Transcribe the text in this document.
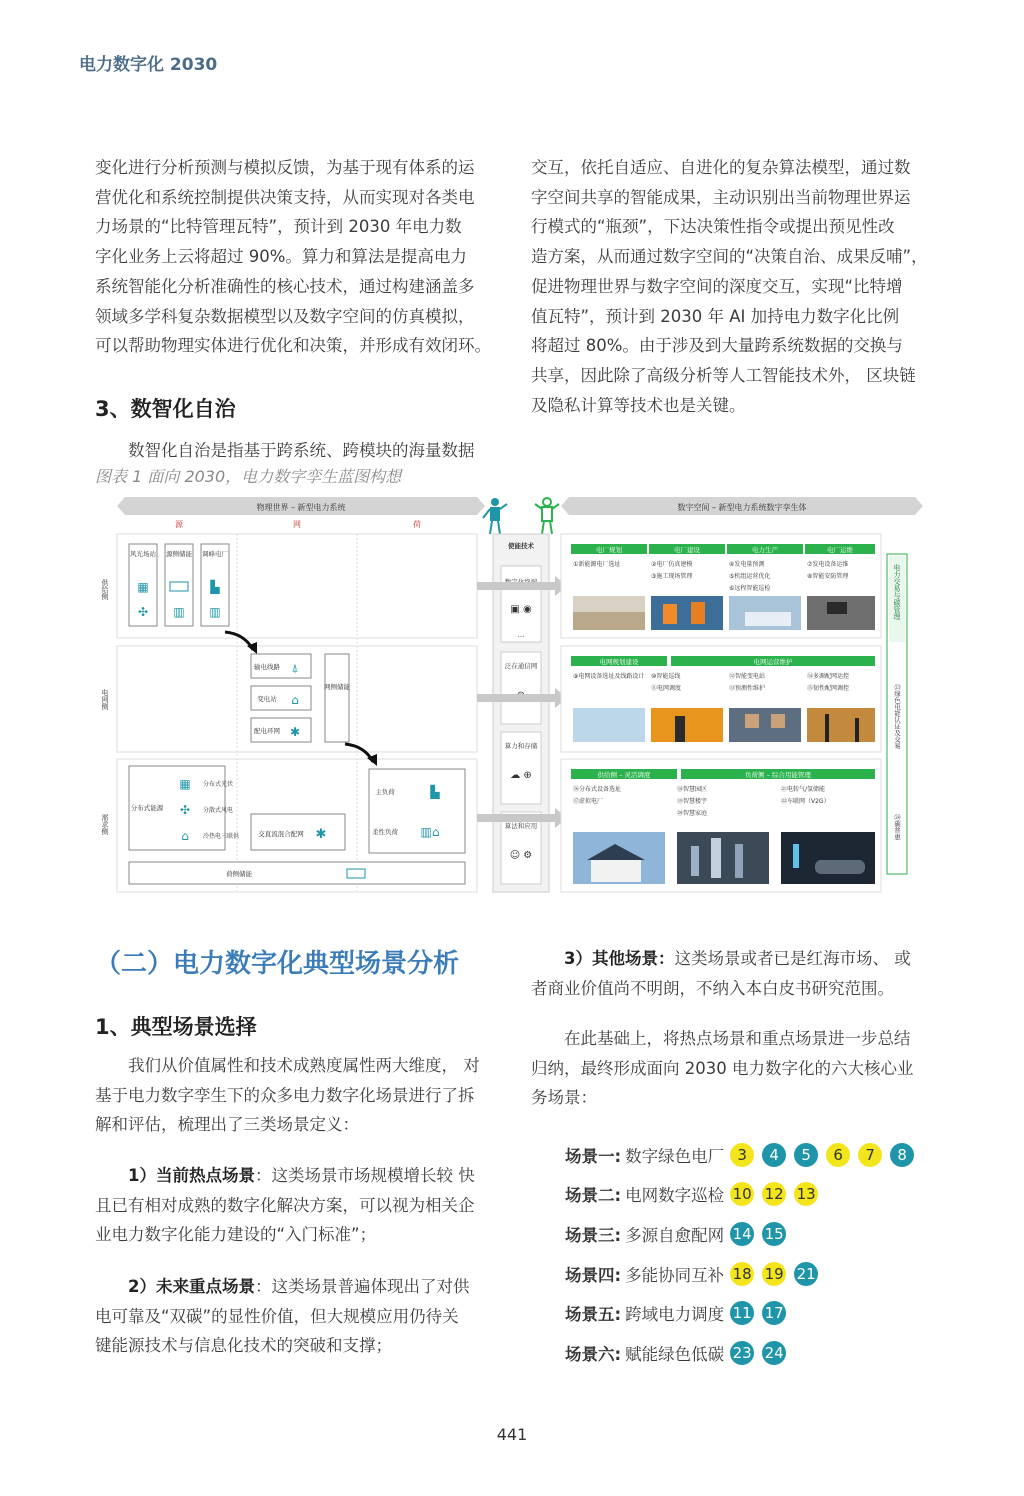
电力数字化 2030
变化进行分析预测与模拟反馈，为基于现有体系的运
营优化和系统控制提供决策支持，从而实现对各类电
力场景的“比特管理瓦特”，预计到 2030 年电力数
字化业务上云将超过 90%。算力和算法是提高电力
系统智能化分析准确性的核心技术，通过构建涵盖多
领域多学科复杂数据模型以及数字空间的仿真模拟，
可以帮助物理实体进行优化和决策，并形成有效闭环。
3、数智化自治
数智化自治是指基于跨系统、跨模块的海量数据
交互，依托自适应、自进化的复杂算法模型，通过数
字空间共享的智能成果，主动识别出当前物理世界运
行模式的“瓶颈”，下达决策性指令或提出预见性改
造方案，从而通过数字空间的“决策自治、成果反哺”，
促进物理世界与数字空间的深度交互，实现“比特增
值瓦特”，预计到 2030 年 AI 加持电力数字化比例
将超过 80%。由于涉及到大量跨系统数据的交换与
共享，因此除了高级分析等人工智能技术外， 区块链
及隐私计算等技术也是关键。
图表 1 面向 2030，电力数字孪生蓝图构想
物理世界 – 新型电力系统	数字空间 – 新型电力系统数字孪生体
源	网	荷
供给侧
电网侧
需求侧
风光场站
▦
✣
源侧储能
▥
调峰电厂
▙
▥
输电线路 ⍋
变电站 ⌂
配电环网 ✱
网侧储能
分布式能源
分布式光伏
分散式风电
冷热电三联供
▦
✣
⌂	交直流混合配网 ✱
主负荷	▙
柔性负荷 ▥⌂
荷侧储能
使能技术
▣ ◉
...
泛在通信网
算力和存储
☁ ⊕
算法和应用
☺ ⚙
电厂规划	电厂建设	电力生产	电厂运维
①新能源电厂选址	②电厂仿真建模
③施工现场管理
④发电量预测
⑤机组运营优化
⑥远程智能巡检
⑦发电设备运维
⑧智能安防管理
电网规划建设	电网运营维护
⑨电网设备选址及线路设计 ⑩智能巡线
⑪电网调度
⑫智能变电站
⑬预测性维护
⑭多源配网运控
⑮韧性配网调控
供给侧 – 灵活调度	负荷侧 – 综合用能管理
⑯分布式设备选址
⑰虚拟电厂
⑱智慧园区
⑲智慧楼宇
⑳智慧家庭
㉑电转气/氢储能
㉒车联网（V2G）
电力交易与碳管理
㉓绿色电能认证及交易
㉔碳普惠
（二）电力数字化典型场景分析
1、典型场景选择
我们从价值属性和技术成熟度属性两大维度， 对
基于电力数字孪生下的众多电力数字化场景进行了拆
解和评估，梳理出了三类场景定义：
1）当前热点场景：这类场景市场规模增长较 快
且已有相对成熟的数字化解决方案，可以视为相关企
业电力数字化能力建设的“入门标准”；
2）未来重点场景：这类场景普遍体现出了对供
电可靠及“双碳”的显性价值，但大规模应用仍待关
键能源技术与信息化技术的突破和支撑；
3）其他场景：这类场景或者已是红海市场、 或
者商业价值尚不明朗，不纳入本白皮书研究范围。
在此基础上，将热点场景和重点场景进一步总结
归纳，最终形成面向 2030 电力数字化的六大核心业
务场景：
场景一: 数字绿色电厂 3	4	5	6	7	8
场景二: 电网数字巡检 10 12 13
场景三: 多源自愈配网 14 15
场景四: 多能协同互补 18 19 21
场景五: 跨域电力调度 11 17
场景六: 赋能绿色低碳 23 24
441
